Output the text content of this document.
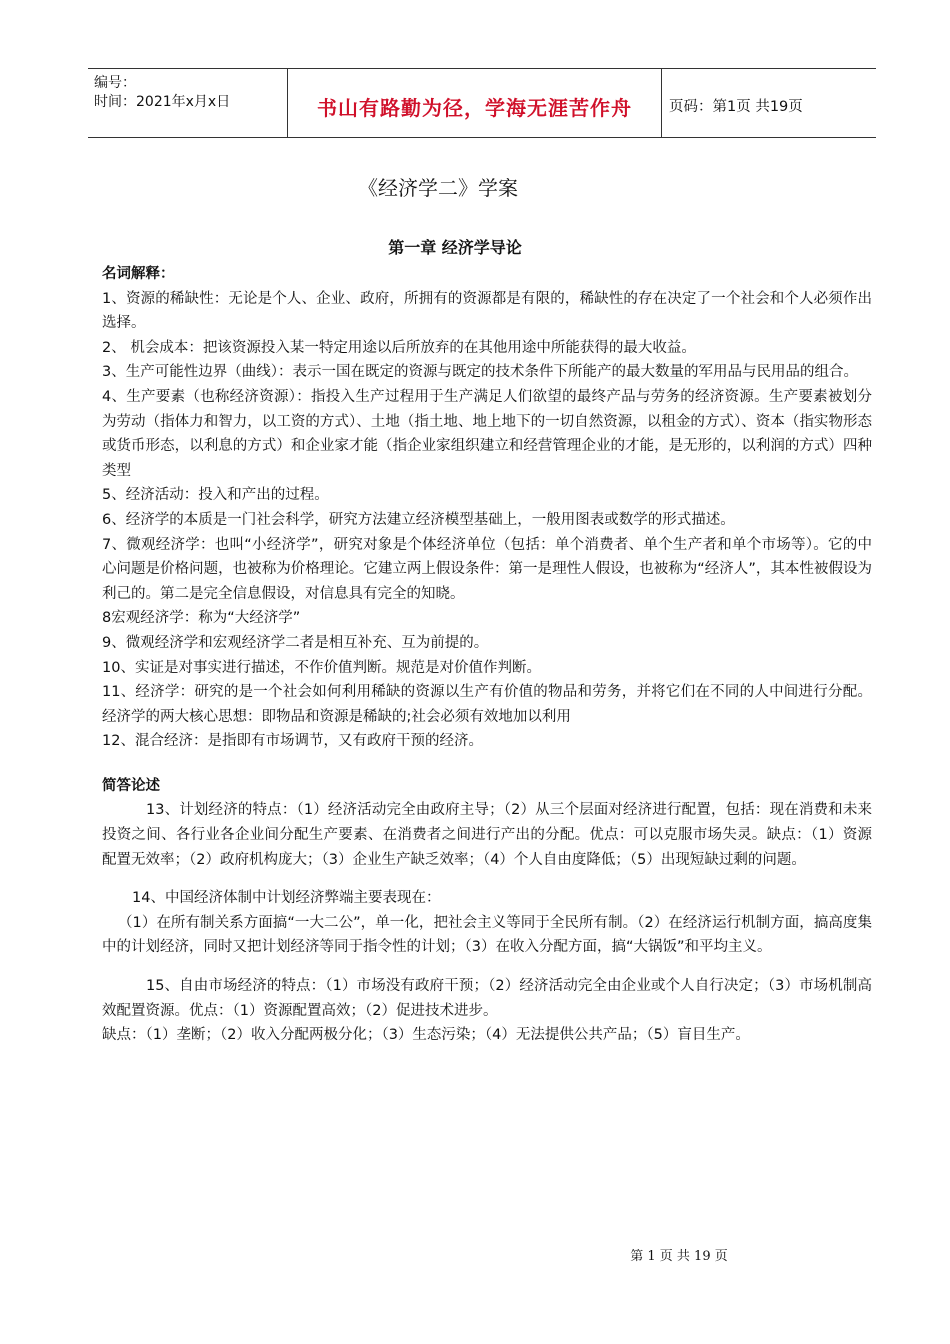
编号：
时间：2021年x月x日	书山有路勤为径，学海无涯苦作舟	页码：第1页 共19页
《经济学二》学案
第一章 经济学导论

名词解释：

1、资源的稀缺性：无论是个人、企业、政府，所拥有的资源都是有限的，稀缺性的存在决定了一个社会和个人必须作出选择。

2、 机会成本：把该资源投入某一特定用途以后所放弃的在其他用途中所能获得的最大收益。

3、生产可能性边界（曲线）：表示一国在既定的资源与既定的技术条件下所能产的最大数量的军用品与民用品的组合。

4、生产要素（也称经济资源）：指投入生产过程用于生产满足人们欲望的最终产品与劳务的经济资源。生产要素被划分为劳动（指体力和智力，以工资的方式）、土地（指土地、地上地下的一切自然资源，以租金的方式）、资本（指实物形态或货币形态，以利息的方式）和企业家才能（指企业家组织建立和经营管理企业的才能，是无形的，以利润的方式）四种类型

5、经济活动：投入和产出的过程。

6、经济学的本质是一门社会科学，研究方法建立经济模型基础上，一般用图表或数学的形式描述。

7、微观经济学：也叫“小经济学”，研究对象是个体经济单位（包括：单个消费者、单个生产者和单个市场等）。它的中心问题是价格问题，也被称为价格理论。它建立两上假设条件：第一是理性人假设，也被称为“经济人”，其本性被假设为利己的。第二是完全信息假设，对信息具有完全的知晓。

8宏观经济学：称为“大经济学”

9、微观经济学和宏观经济学二者是相互补充、互为前提的。

10、实证是对事实进行描述，不作价值判断。规范是对价值作判断。

11、经济学：研究的是一个社会如何利用稀缺的资源以生产有价值的物品和劳务，并将它们在不同的人中间进行分配。经济学的两大核心思想：即物品和资源是稀缺的;社会必须有效地加以利用

12、混合经济：是指即有市场调节，又有政府干预的经济。

简答论述

13、计划经济的特点：（1）经济活动完全由政府主导；（2）从三个层面对经济进行配置，包括：现在消费和未来投资之间、各行业各企业间分配生产要素、在消费者之间进行产出的分配。优点：可以克服市场失灵。缺点：（1）资源配置无效率；（2）政府机构庞大；（3）企业生产缺乏效率；（4）个人自由度降低；（5）出现短缺过剩的问题。

14、中国经济体制中计划经济弊端主要表现在：

（1）在所有制关系方面搞“一大二公”，单一化，把社会主义等同于全民所有制。（2）在经济运行机制方面，搞高度集中的计划经济，同时又把计划经济等同于指令性的计划；（3）在收入分配方面，搞“大锅饭”和平均主义。

15、自由市场经济的特点：（1）市场没有政府干预；（2）经济活动完全由企业或个人自行决定；（3）市场机制高效配置资源。优点：（1）资源配置高效；（2）促进技术进步。

缺点：（1）垄断；（2）收入分配两极分化；（3）生态污染；（4）无法提供公共产品；（5）盲目生产。

第 1 页 共 19 页
